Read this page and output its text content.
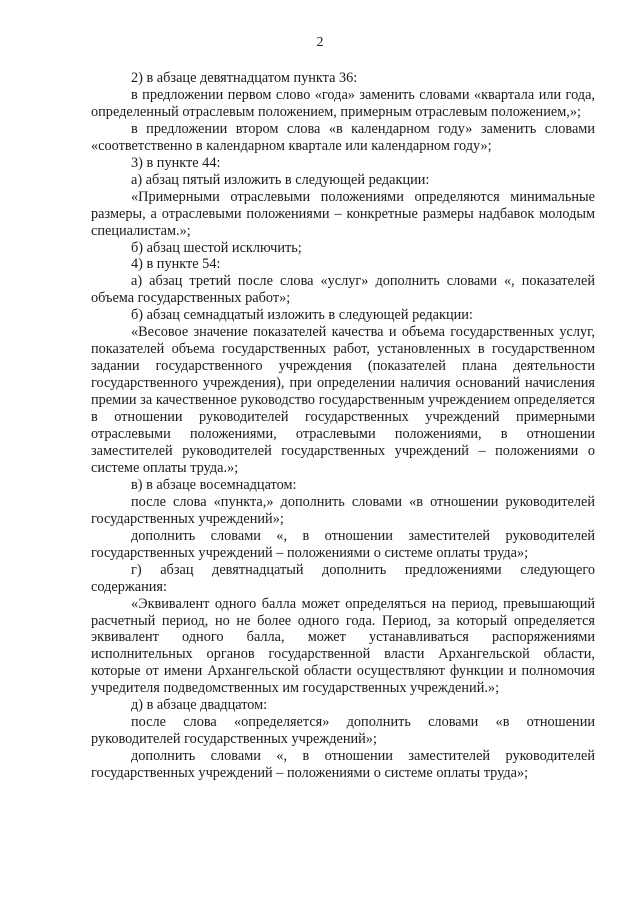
2

2) в абзаце девятнадцатом пункта 36:

в предложении первом слово «года» заменить словами «квартала или года, определенный отраслевым положением, примерным отраслевым положением,»;

в предложении втором слова «в календарном году» заменить словами «соответственно в календарном квартале или календарном году»;

3) в пункте 44:

а) абзац пятый изложить в следующей редакции:

«Примерными отраслевыми положениями определяются минимальные размеры, а отраслевыми положениями – конкретные размеры надбавок молодым специалистам.»;

б) абзац шестой исключить;

4) в пункте 54:

а) абзац третий после слова «услуг» дополнить словами «, показателей объема государственных работ»;

б) абзац семнадцатый изложить в следующей редакции:

«Весовое значение показателей качества и объема государственных услуг, показателей объема государственных работ, установленных в государственном задании государственного учреждения (показателей плана деятельности государственного учреждения), при определении наличия оснований начисления премии за качественное руководство государственным учреждением определяется в отношении руководителей государственных учреждений примерными отраслевыми положениями, отраслевыми положениями, в отношении заместителей руководителей государственных учреждений – положениями о системе оплаты труда.»;

в) в абзаце восемнадцатом:

после слова «пункта,» дополнить словами «в отношении руководителей государственных учреждений»;

дополнить словами «, в отношении заместителей руководителей государственных учреждений – положениями о системе оплаты труда»;

г) абзац девятнадцатый дополнить предложениями следующего содержания:

«Эквивалент одного балла может определяться на период, превышающий расчетный период, но не более одного года. Период, за который определяется эквивалент одного балла, может устанавливаться распоряжениями исполнительных органов государственной власти Архангельской области, которые от имени Архангельской области осуществляют функции и полномочия учредителя подведомственных им государственных учреждений.»;

д) в абзаце двадцатом:

после слова «определяется» дополнить словами «в отношении руководителей государственных учреждений»;

дополнить словами «, в отношении заместителей руководителей государственных учреждений – положениями о системе оплаты труда»;
